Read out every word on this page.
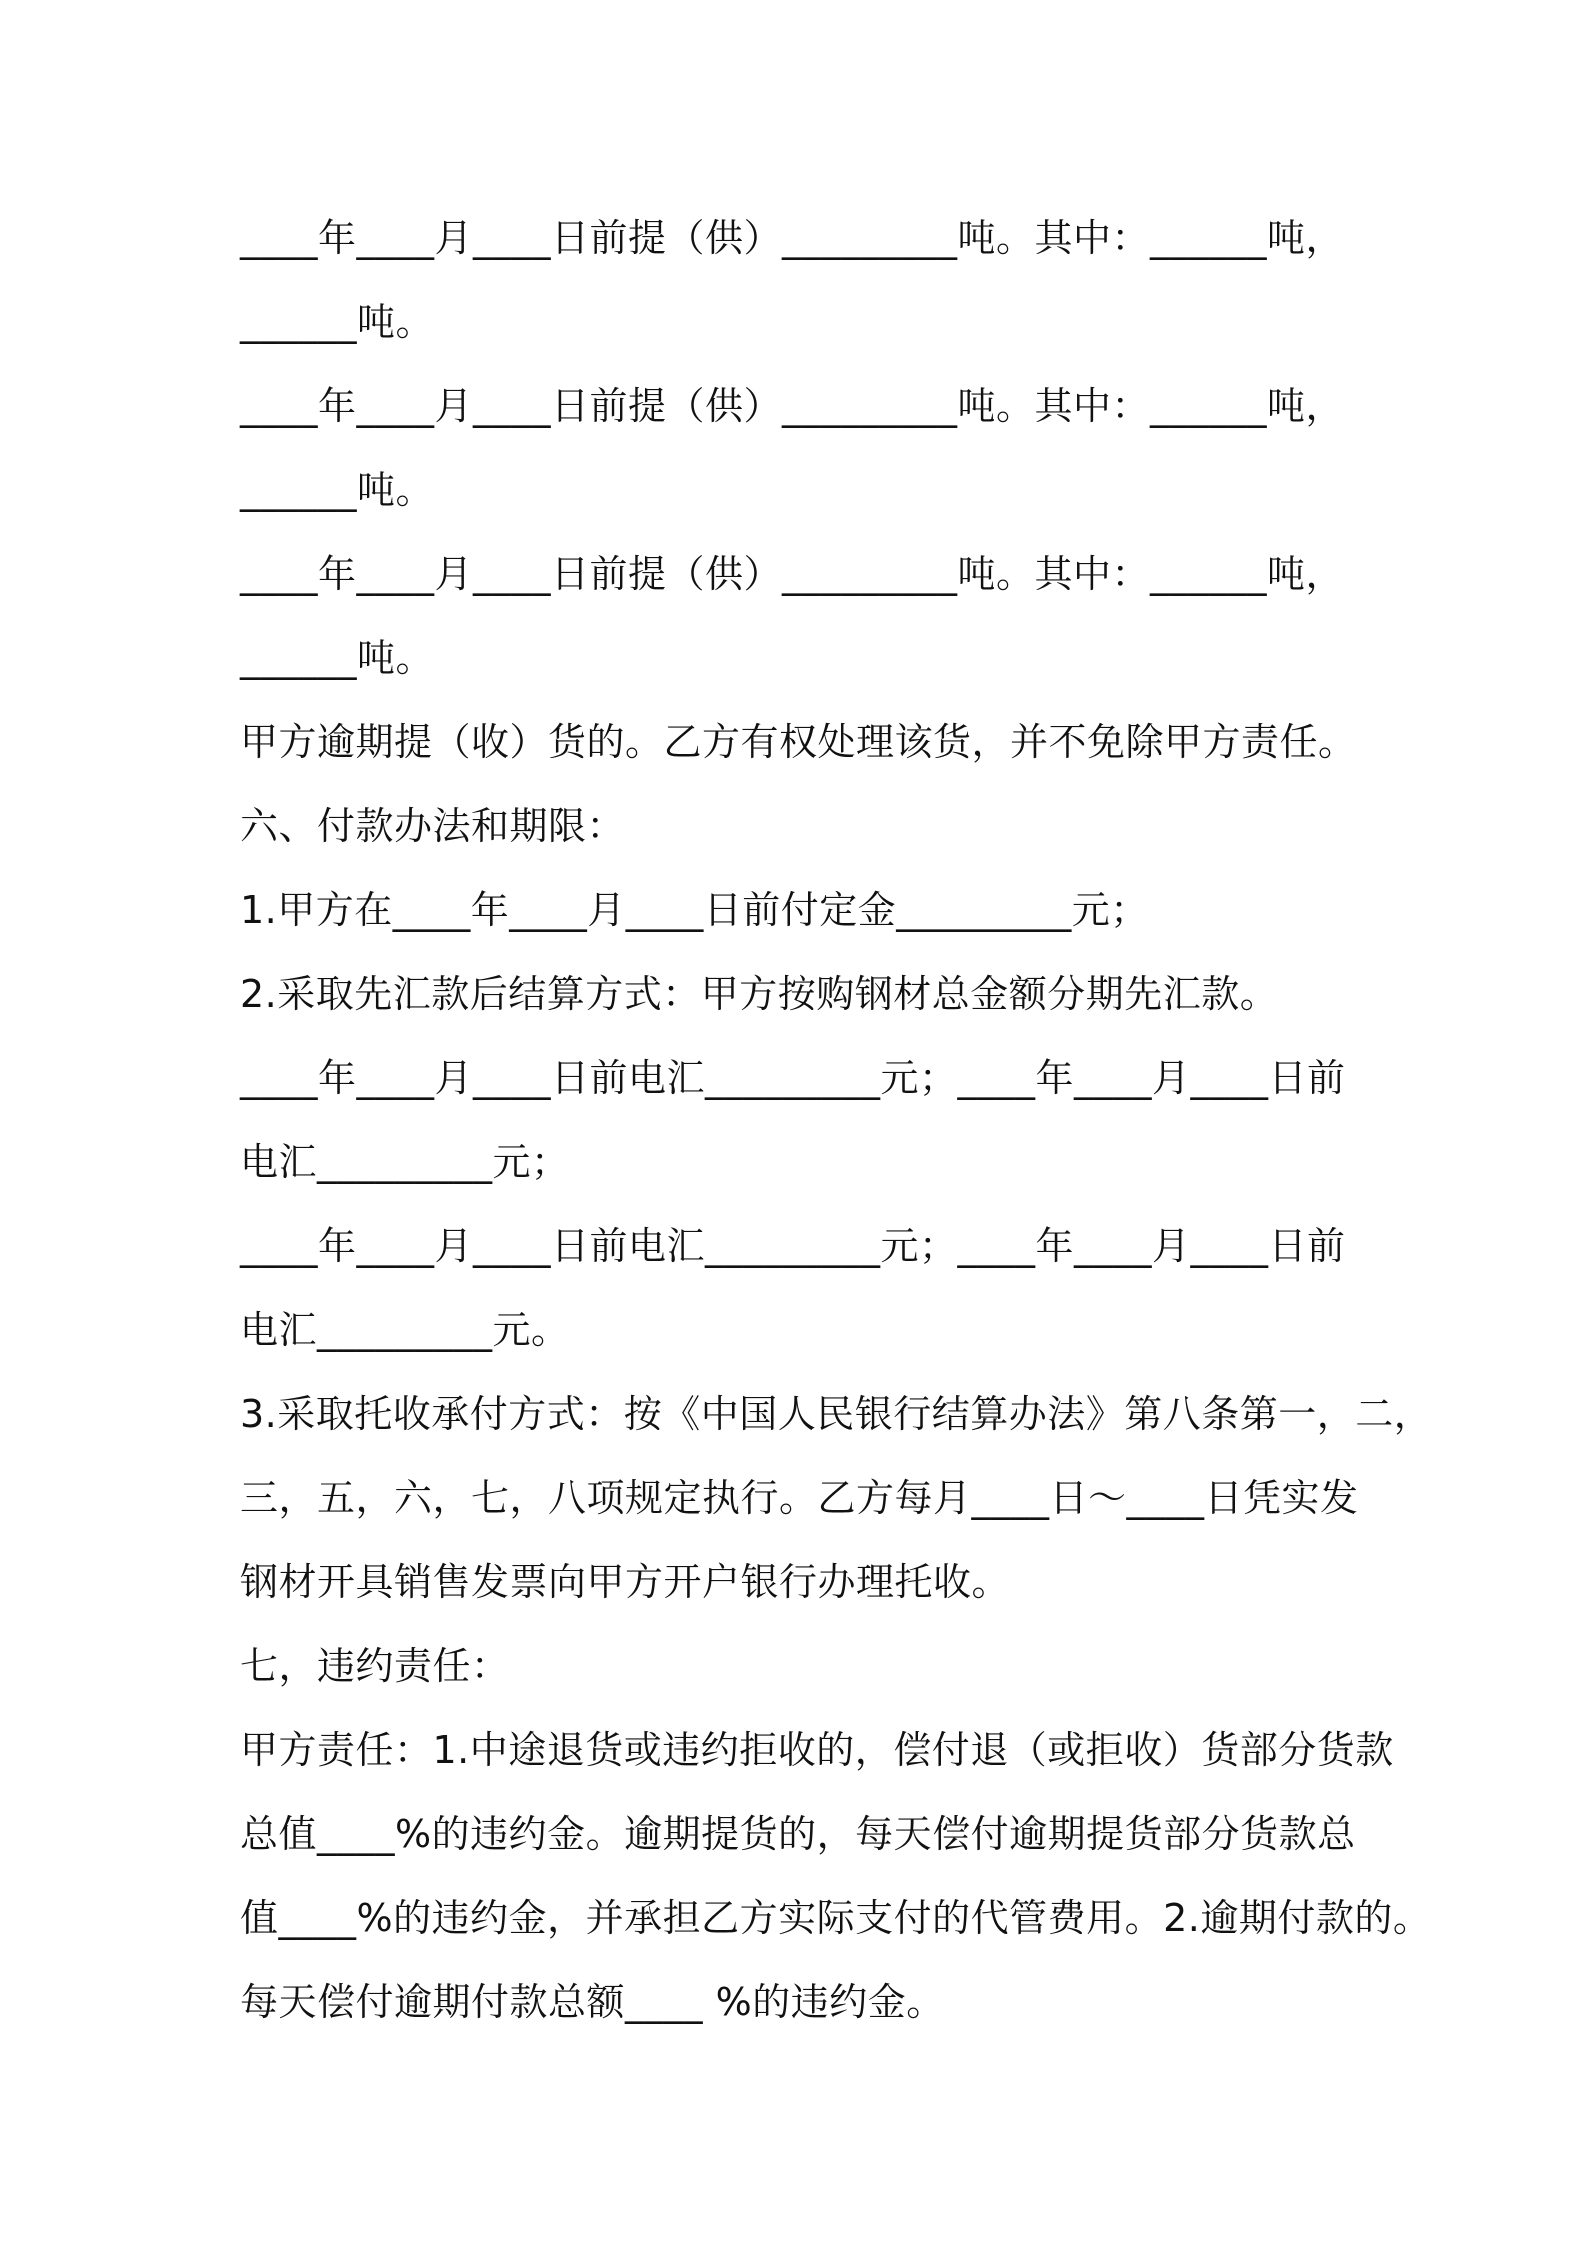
____年____月____日前提（供）_________吨。其中：______吨，
______吨。
____年____月____日前提（供）_________吨。其中：______吨，
______吨。
____年____月____日前提（供）_________吨。其中：______吨，
______吨。
甲方逾期提（收）货的。乙方有权处理该货，并不免除甲方责任。
六、付款办法和期限：
1.甲方在____年____月____日前付定金_________元；
2.采取先汇款后结算方式：甲方按购钢材总金额分期先汇款。
____年____月____日前电汇_________元；____年____月____日前
电汇_________元；
____年____月____日前电汇_________元；____年____月____日前
电汇_________元。
3.采取托收承付方式：按《中国人民银行结算办法》第八条第一，二，
三，五，六，七，八项规定执行。乙方每月____日～____日凭实发
钢材开具销售发票向甲方开户银行办理托收。
七，违约责任：
甲方责任：1.中途退货或违约拒收的，偿付退（或拒收）货部分货款
总值____%的违约金。逾期提货的，每天偿付逾期提货部分货款总
值____%的违约金，并承担乙方实际支付的代管费用。2.逾期付款的。
每天偿付逾期付款总额____ %的违约金。
